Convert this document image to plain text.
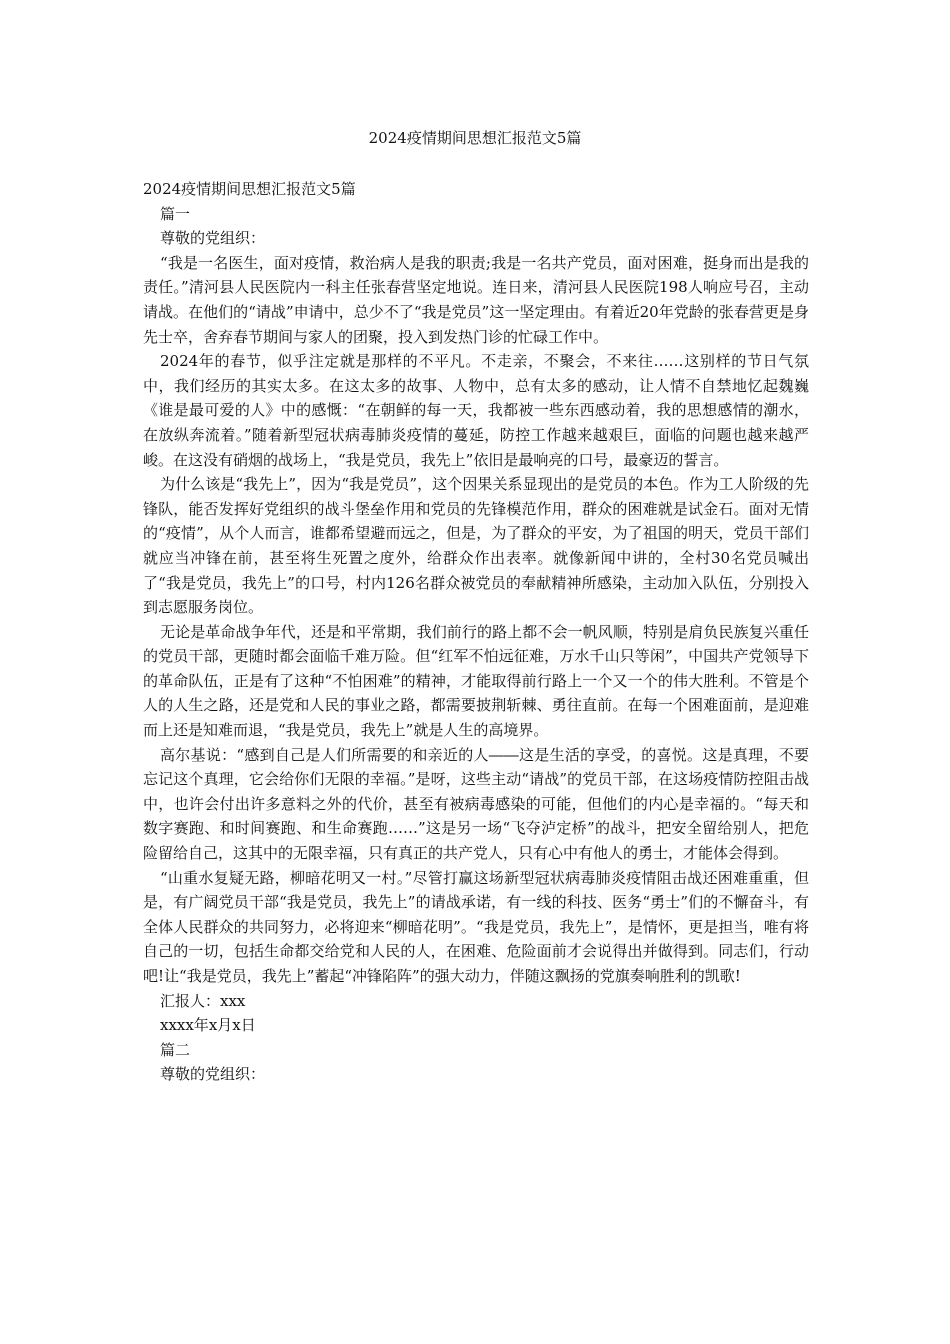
2024疫情期间思想汇报范文5篇

2024疫情期间思想汇报范文5篇

篇一

尊敬的党组织：

“我是一名医生，面对疫情，救治病人是我的职责;我是一名共产党员，面对困难，挺身而出是我的责任。”清河县人民医院内一科主任张春营坚定地说。连日来，清河县人民医院198人响应号召，主动请战。在他们的“请战”申请中，总少不了“我是党员”这一坚定理由。有着近20年党龄的张春营更是身先士卒，舍弃春节期间与家人的团聚，投入到发热门诊的忙碌工作中。

2024年的春节，似乎注定就是那样的不平凡。不走亲，不聚会，不来往……这别样的节日气氛中，我们经历的其实太多。在这太多的故事、人物中，总有太多的感动，让人情不自禁地忆起魏巍《谁是最可爱的人》中的感慨：“在朝鲜的每一天，我都被一些东西感动着，我的思想感情的潮水，在放纵奔流着。”随着新型冠状病毒肺炎疫情的蔓延，防控工作越来越艰巨，面临的问题也越来越严峻。在这没有硝烟的战场上，“我是党员，我先上”依旧是最响亮的口号，最豪迈的誓言。

为什么该是“我先上”，因为“我是党员”，这个因果关系显现出的是党员的本色。作为工人阶级的先锋队，能否发挥好党组织的战斗堡垒作用和党员的先锋模范作用，群众的困难就是试金石。面对无情的“疫情”，从个人而言，谁都希望避而远之，但是，为了群众的平安，为了祖国的明天，党员干部们就应当冲锋在前，甚至将生死置之度外，给群众作出表率。就像新闻中讲的，全村30名党员喊出了“我是党员，我先上”的口号，村内126名群众被党员的奉献精神所感染，主动加入队伍，分别投入到志愿服务岗位。

无论是革命战争年代，还是和平常期，我们前行的路上都不会一帆风顺，特别是肩负民族复兴重任的党员干部，更随时都会面临千难万险。但“红军不怕远征难，万水千山只等闲”，中国共产党领导下的革命队伍，正是有了这种“不怕困难”的精神，才能取得前行路上一个又一个的伟大胜利。不管是个人的人生之路，还是党和人民的事业之路，都需要披荆斩棘、勇往直前。在每一个困难面前，是迎难而上还是知难而退，“我是党员，我先上”就是人生的高境界。

高尔基说：“感到自己是人们所需要的和亲近的人――这是生活的享受，的喜悦。这是真理，不要忘记这个真理，它会给你们无限的幸福。”是呀，这些主动“请战”的党员干部，在这场疫情防控阻击战中，也许会付出许多意料之外的代价，甚至有被病毒感染的可能，但他们的内心是幸福的。“每天和数字赛跑、和时间赛跑、和生命赛跑……”这是另一场“飞夺泸定桥”的战斗，把安全留给别人，把危险留给自己，这其中的无限幸福，只有真正的共产党人，只有心中有他人的勇士，才能体会得到。

“山重水复疑无路，柳暗花明又一村。”尽管打赢这场新型冠状病毒肺炎疫情阻击战还困难重重，但是，有广阔党员干部“我是党员，我先上”的请战承诺，有一线的科技、医务“勇士”们的不懈奋斗，有全体人民群众的共同努力，必将迎来“柳暗花明”。“我是党员，我先上”，是情怀，更是担当，唯有将自己的一切，包括生命都交给党和人民的人，在困难、危险面前才会说得出并做得到。同志们，行动吧!让“我是党员，我先上”蓄起“冲锋陷阵”的强大动力，伴随这飘扬的党旗奏响胜利的凯歌!

汇报人：xxx

xxxx年x月x日

篇二

尊敬的党组织：
